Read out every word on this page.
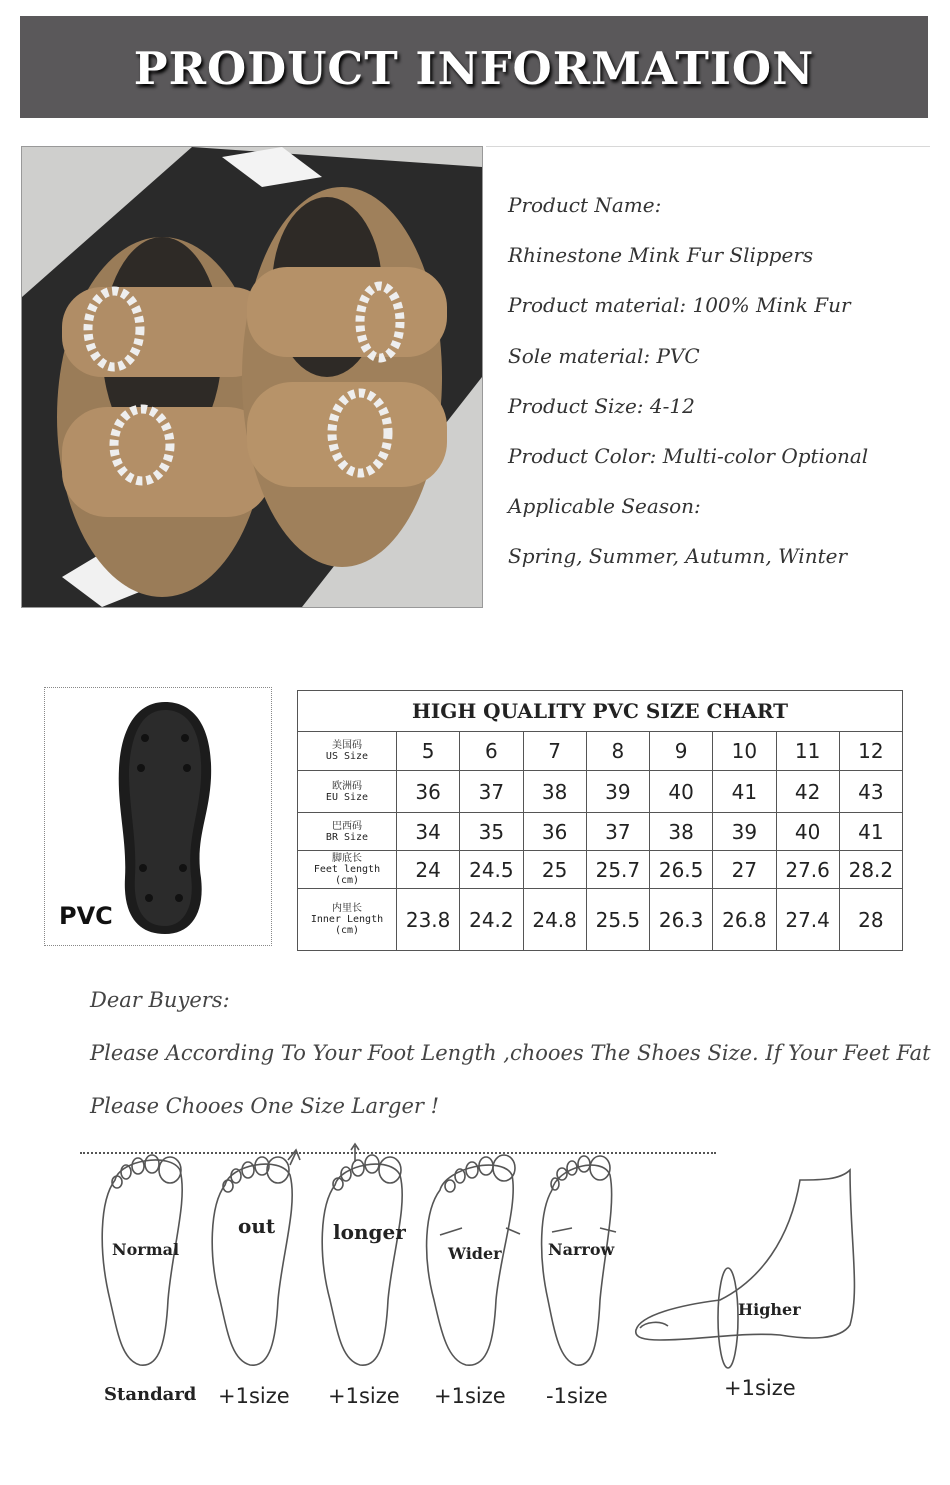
PRODUCT INFORMATION
Product Name:
Rhinestone Mink Fur Slippers
Product material: 100% Mink Fur
Sole material: PVC
Product Size: 4-12
Product Color: Multi-color Optional
Applicable Season:
Spring, Summer, Autumn, Winter
PVC
HIGH QUALITY PVC SIZE CHART								
美国码
US Size	5	6	7	8	9	10	11	12
欧洲码
EU Size	36	37	38	39	40	41	42	43
巴西码
BR Size	34	35	36	37	38	39	40	41
脚底长
Feet length
(cm)	24	24.5	25	25.7	26.5	27	27.6	28.2
内里长
Inner Length
(cm)	23.8	24.2	24.8	25.5	26.3	26.8	27.4	28
Dear Buyers:
Please According To Your Foot Length ,chooes The Shoes Size. If Your Feet Fat
Please Chooes One Size Larger !
Normal
out	longer
Wider	Narrow
Higher
Standard +1size +1size +1size -1size	+1size
